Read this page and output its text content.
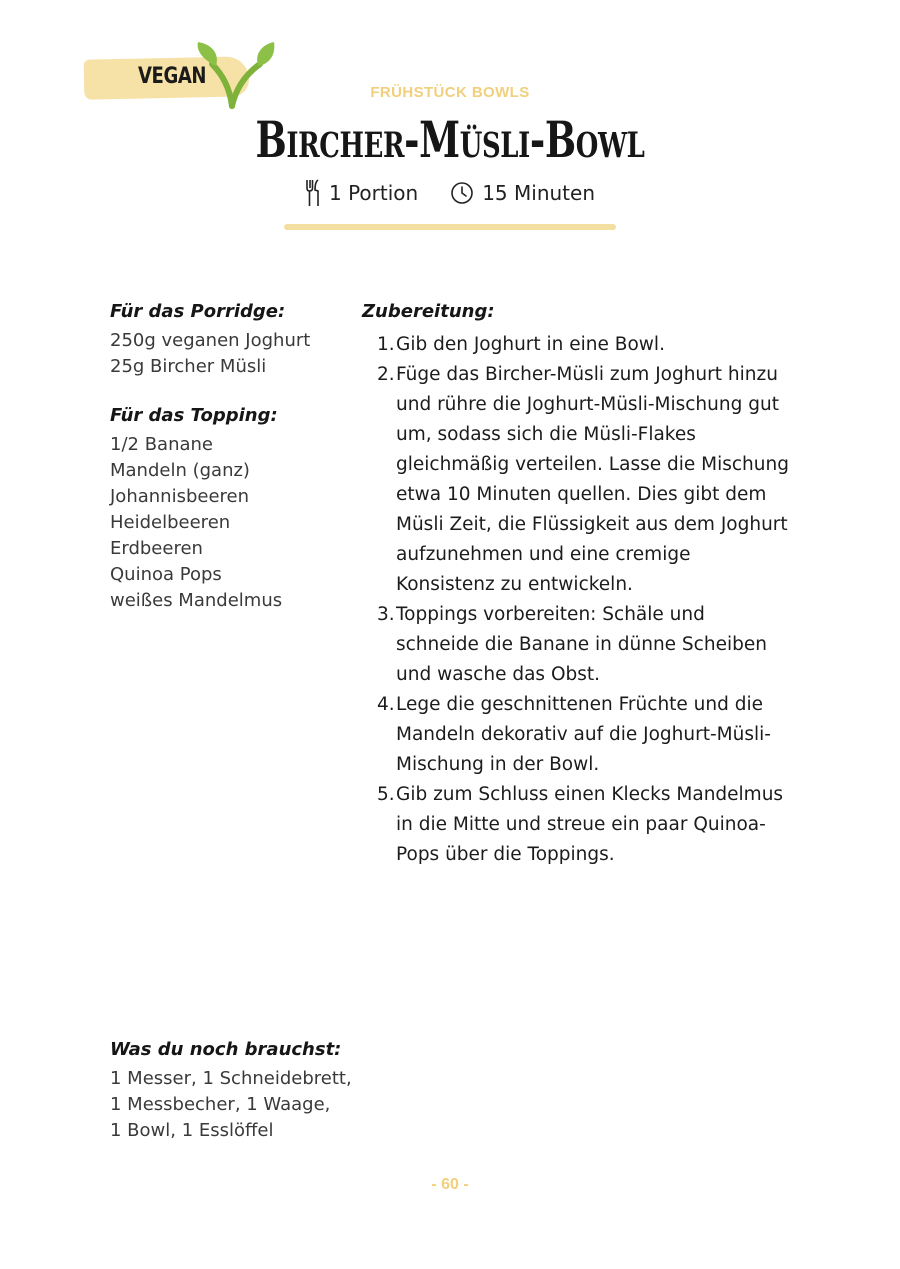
VEGAN
FRÜHSTÜCK BOWLS
Bircher-Müsli-Bowl
1 Portion	15 Minuten
Für das Porridge:
250g veganen Joghurt
25g Bircher Müsli
Für das Topping:
1/2 Banane
Mandeln (ganz)
Johannisbeeren
Heidelbeeren
Erdbeeren
Quinoa Pops
weißes Mandelmus
Zubereitung:
1. Gib den Joghurt in eine Bowl.
2. Füge das Bircher-Müsli zum Joghurt hinzu und rühre die Joghurt-Müsli-Mischung gut um, sodass sich die Müsli-Flakes gleichmäßig verteilen. Lasse die Mischung etwa 10 Minuten quellen. Dies gibt dem Müsli Zeit, die Flüssigkeit aus dem Joghurt aufzunehmen und eine cremige Konsistenz zu entwickeln.
3. Toppings vorbereiten: Schäle und schneide die Banane in dünne Scheiben und wasche das Obst.
4. Lege die geschnittenen Früchte und die Mandeln dekorativ auf die Joghurt-Müsli-Mischung in der Bowl.
5. Gib zum Schluss einen Klecks Mandelmus in die Mitte und streue ein paar Quinoa-Pops über die Toppings.
Was du noch brauchst:
1 Messer, 1 Schneidebrett,
1 Messbecher, 1 Waage,
1 Bowl, 1 Esslöffel
- 60 -
